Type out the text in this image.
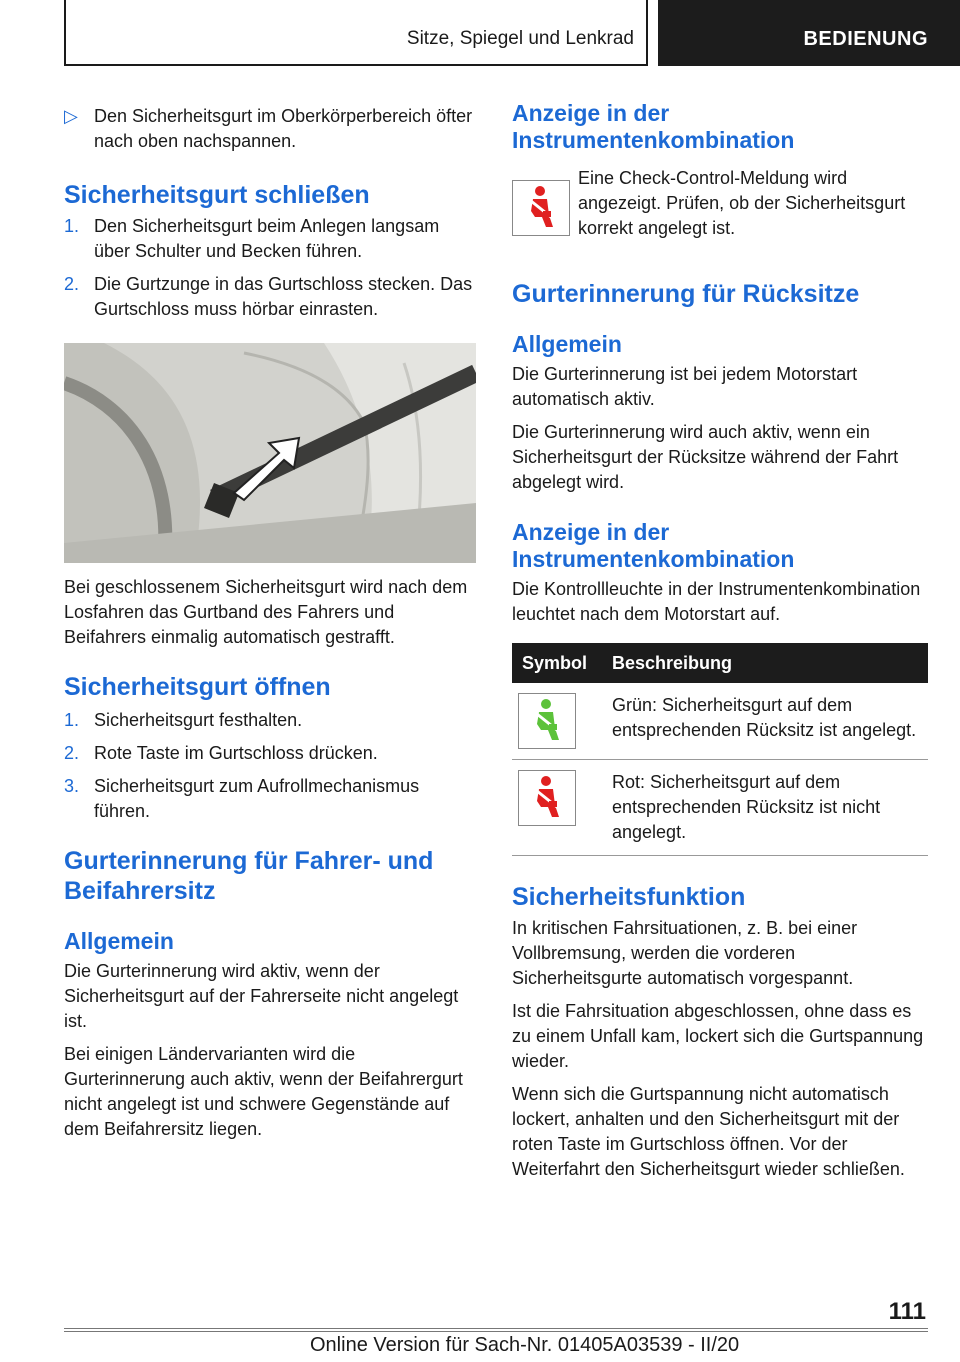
Sitze, Spiegel und Lenkrad	BEDIENUNG
▷ Den Sicherheitsgurt im Oberkörperbereich öfter nach oben nachspannen.
Sicherheitsgurt schließen
1. Den Sicherheitsgurt beim Anlegen langsam über Schulter und Becken führen.
2. Die Gurtzunge in das Gurtschloss stecken. Das Gurtschloss muss hörbar einrasten.

Bei geschlossenem Sicherheitsgurt wird nach dem Losfahren das Gurtband des Fahrers und Beifahrers einmalig automatisch gestrafft.

Sicherheitsgurt öffnen
1. Sicherheitsgurt festhalten.
2. Rote Taste im Gurtschloss drücken.
3. Sicherheitsgurt zum Aufrollmechanismus führen.
Gurterinnerung für Fahrer- und Beifahrersitz
Allgemein

Die Gurterinnerung wird aktiv, wenn der Sicherheitsgurt auf der Fahrerseite nicht angelegt ist.

Bei einigen Ländervarianten wird die Gurterinnerung auch aktiv, wenn der Beifahrergurt nicht angelegt ist und schwere Gegenstände auf dem Beifahrersitz liegen.

Anzeige in der Instrumentenkombination

Eine Check-Control-Meldung wird angezeigt. Prüfen, ob der Sicherheitsgurt korrekt angelegt ist.

Gurterinnerung für Rücksitze
Allgemein

Die Gurterinnerung ist bei jedem Motorstart automatisch aktiv.

Die Gurterinnerung wird auch aktiv, wenn ein Sicherheitsgurt der Rücksitze während der Fahrt abgelegt wird.

Anzeige in der Instrumentenkombination

Die Kontrollleuchte in der Instrumentenkombination leuchtet nach dem Motorstart auf.

Symbol	Beschreibung

	Grün: Sicherheitsgurt auf dem entsprechenden Rücksitz ist angelegt.

	Rot: Sicherheitsgurt auf dem entsprechenden Rücksitz ist nicht angelegt.
Sicherheitsfunktion

In kritischen Fahrsituationen, z. B. bei einer Vollbremsung, werden die vorderen Sicherheitsgurte automatisch vorgespannt.

Ist die Fahrsituation abgeschlossen, ohne dass es zu einem Unfall kam, lockert sich die Gurtspannung wieder.

Wenn sich die Gurtspannung nicht automatisch lockert, anhalten und den Sicherheitsgurt mit der roten Taste im Gurtschloss öffnen. Vor der Weiterfahrt den Sicherheitsgurt wieder schließen.

111
Online Version für Sach-Nr. 01405A03539 - II/20
